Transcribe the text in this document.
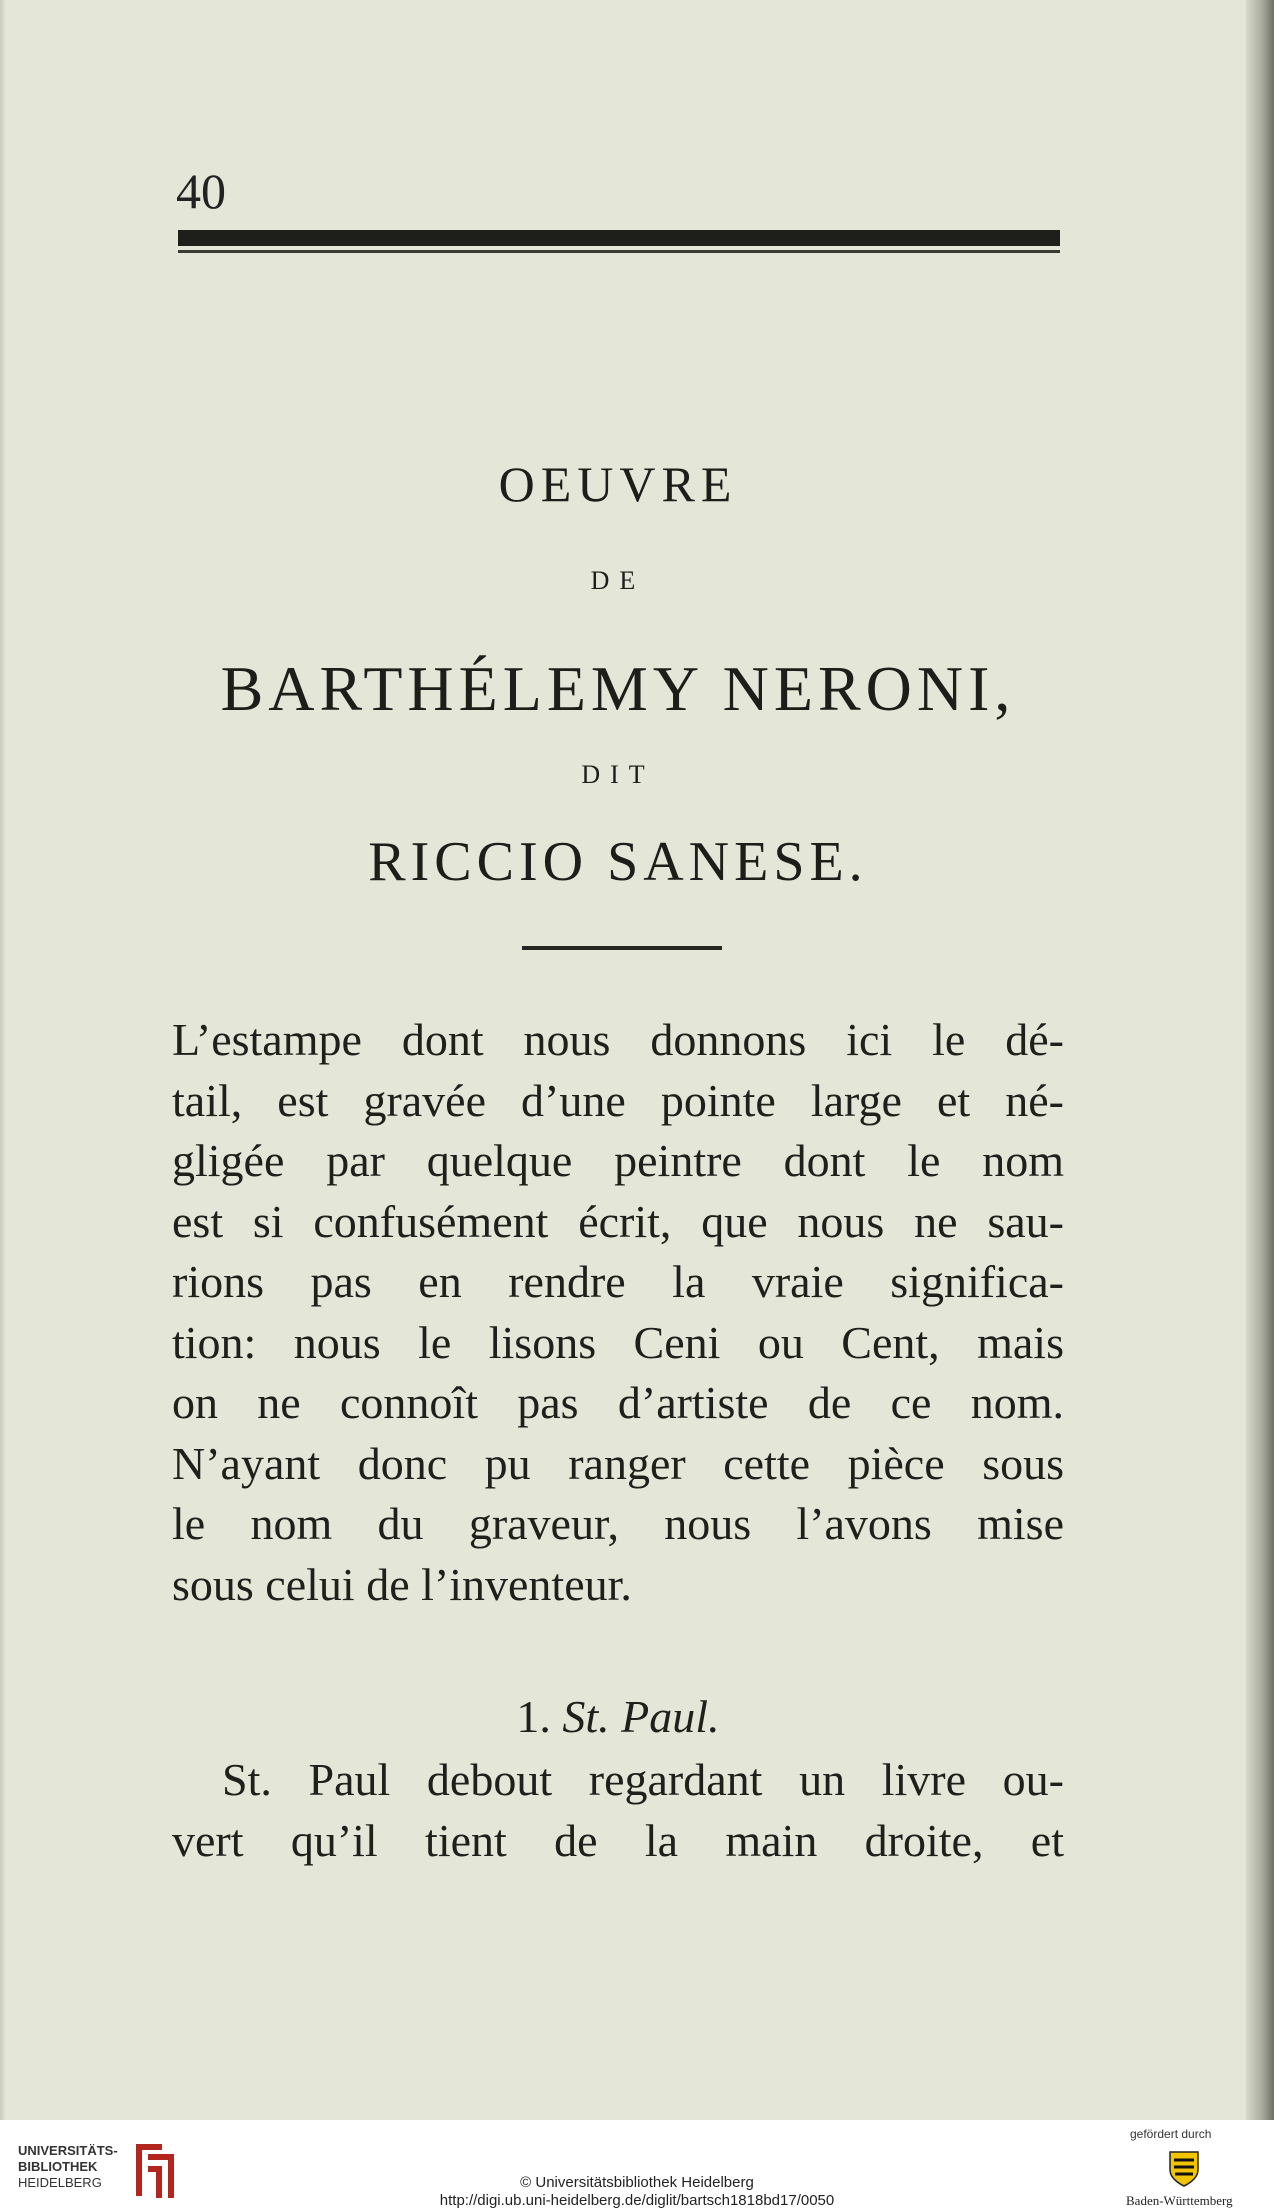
40
OEUVRE
DE
BARTHÉLEMY NERONI,
DIT
RICCIO SANESE.
L’estampe dont nous donnons ici le dé-
tail, est gravée d’une pointe large et né-
gligée par quelque peintre dont le nom
est si confusément écrit, que nous ne sau-
rions pas en rendre la vraie significa-
tion: nous le lisons Ceni ou Cent, mais
on ne connoît pas d’artiste de ce nom.
N’ayant donc pu ranger cette pièce sous
le nom du graveur, nous l’avons mise
sous celui de l’inventeur.
1. St. Paul.
St. Paul debout regardant un livre ou-
vert qu’il tient de la main droite, et
UNIVERSITÄTS-
BIBLIOTHEK
HEIDELBERG	© Universitätsbibliothek Heidelberg
http://digi.ub.uni-heidelberg.de/diglit/bartsch1818bd17/0050
gefördert durch
Baden-Württemberg
